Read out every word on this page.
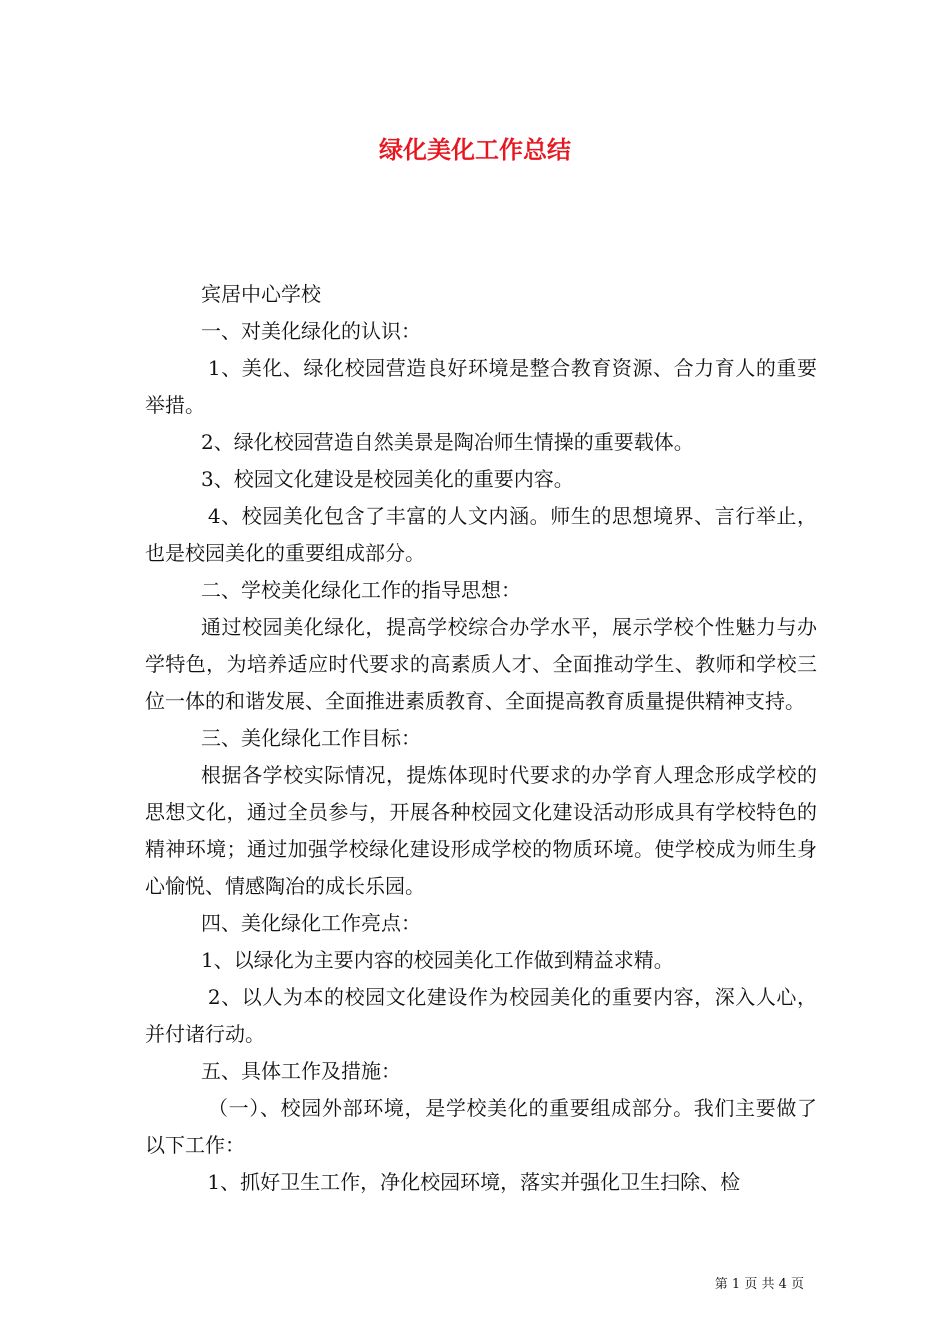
绿化美化工作总结

宾居中心学校

一、对美化绿化的认识：

1、美化、绿化校园营造良好环境是整合教育资源、合力育人的重要举措。

2、绿化校园营造自然美景是陶冶师生情操的重要载体。

3、校园文化建设是校园美化的重要内容。

4、校园美化包含了丰富的人文内涵。师生的思想境界、言行举止，也是校园美化的重要组成部分。

二、学校美化绿化工作的指导思想：

通过校园美化绿化，提高学校综合办学水平，展示学校个性魅力与办学特色，为培养适应时代要求的高素质人才、全面推动学生、教师和学校三位一体的和谐发展、全面推进素质教育、全面提高教育质量提供精神支持。

三、美化绿化工作目标：

根据各学校实际情况，提炼体现时代要求的办学育人理念形成学校的思想文化，通过全员参与，开展各种校园文化建设活动形成具有学校特色的精神环境；通过加强学校绿化建设形成学校的物质环境。使学校成为师生身心愉悦、情感陶冶的成长乐园。

四、美化绿化工作亮点：

1、以绿化为主要内容的校园美化工作做到精益求精。

2、以人为本的校园文化建设作为校园美化的重要内容，深入人心，并付诸行动。

五、具体工作及措施：

（一）、校园外部环境，是学校美化的重要组成部分。我们主要做了以下工作：

1、抓好卫生工作，净化校园环境，落实并强化卫生扫除、检

第 1 页 共 4 页
